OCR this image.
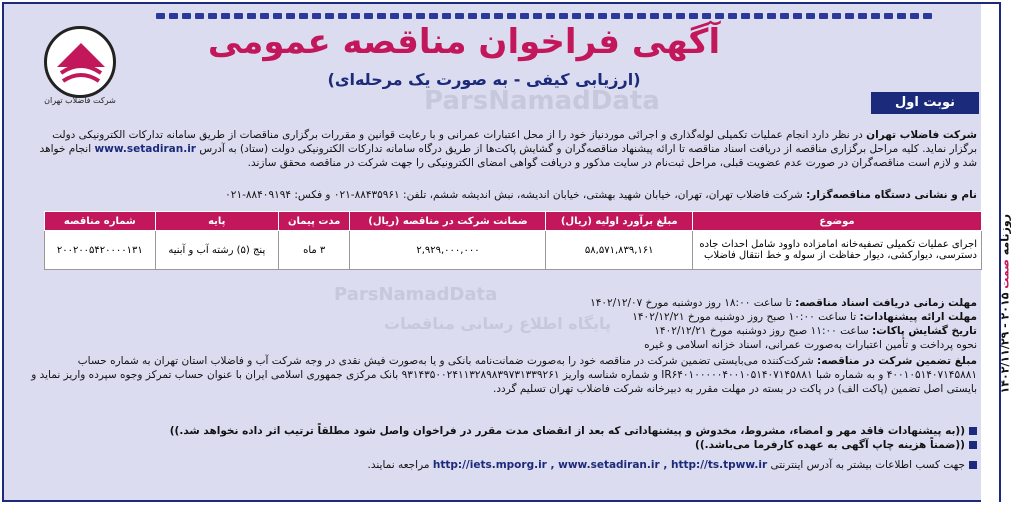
روزنامه صمت ۲۰۱۵ - ۱۴۰۲/۱۱/۲۹
شرکت فاضلاب تهران	ParsNamadData
آگهی فراخوان مناقصه عمومی
(ارزیابی کیفی - به صورت یک مرحله‌ای)
نوبت اول
شرکت فاضلاب تهران در نظر دارد انجام عملیات تکمیلی لوله‌گذاری و اجرائی موردنیاز خود را از محل اعتبارات عمرانی و با رعایت قوانین و مقررات برگزاری مناقصات از طریق سامانه تدارکات الکترونیکی دولت برگزار نماید. کلیه مراحل برگزاری مناقصه از دریافت اسناد مناقصه تا ارائه پیشنهاد مناقصه‌گران و گشایش پاکت‌ها از طریق درگاه سامانه تدارکات الکترونیکی دولت (ستاد) به آدرس www.setadiran.ir انجام خواهد شد و لازم است مناقصه‌گران در صورت عدم عضویت قبلی، مراحل ثبت‌نام در سایت مذکور و دریافت گواهی امضای الکترونیکی را جهت شرکت در مناقصه محقق سازند.
نام و نشانی دستگاه مناقصه‌گزار: شرکت فاضلاب تهران، تهران، خیابان شهید بهشتی، خیابان اندیشه، نبش اندیشه ششم، تلفن: ۸۸۴۳۵۹۶۱-۰۲۱ و فکس: ۸۸۴۰۹۱۹۴-۰۲۱
موضوع	مبلغ برآورد اولیه (ریال)	ضمانت شرکت در مناقصه (ریال)	مدت پیمان	پایه	شماره مناقصه
اجرای عملیات تکمیلی تصفیه‌خانه امامزاده داوود شامل احداث جاده دسترسی، دیوارکشی، دیوار حفاظت از سوله و خط انتقال فاضلاب	۵۸,۵۷۱,۸۳۹,۱۶۱	۲,۹۲۹,۰۰۰,۰۰۰	۳ ماه	پنج (۵) رشته آب و آبنیه	۲۰۰۲۰۰۵۴۲۰۰۰۰۱۳۱
ParsNamadData
پایگاه اطلاع رسانی مناقصات
مهلت زمانی دریافت اسناد مناقصه: تا ساعت ۱۸:۰۰ روز دوشنبه مورخ ۱۴۰۲/۱۲/۰۷
مهلت ارائه پیشنهادات: تا ساعت ۱۰:۰۰ صبح روز دوشنبه مورخ ۱۴۰۲/۱۲/۲۱
تاریخ گشایش پاکات: ساعت ۱۱:۰۰ صبح روز دوشنبه مورخ ۱۴۰۲/۱۲/۲۱
نحوه پرداخت و تأمین اعتبارات به‌صورت عمرانی، اسناد خزانه اسلامی و غیره
مبلغ تضمین شرکت در مناقصه: شرکت‌کننده می‌بایستی تضمین شرکت در مناقصه خود را به‌صورت ضمانت‌نامه بانکی و یا به‌صورت فیش نقدی در وجه شرکت آب و فاضلاب استان تهران به شماره حساب ۴۰۰۱۰۵۱۴۰۷۱۴۵۸۸۱ و به شماره شبا IR۶۴۰۱۰۰۰۰۰۴۰۰۱۰۵۱۴۰۷۱۴۵۸۸۱ و شماره شناسه واریز ۹۳۱۴۳۵۰۰۲۴۱۱۳۲۸۹۸۳۹۷۳۱۳۳۹۲۶۱ بانک مرکزی جمهوری اسلامی ایران با عنوان حساب تمرکز وجوه سپرده واریز نماید و بایستی اصل تضمین (پاکت الف) در پاکت در بسته در مهلت مقرر به دبیرخانه شرکت فاضلاب تهران تسلیم گردد.
((به پیشنهادات فاقد مهر و امضاء، مشروط، مخدوش و پیشنهاداتی که بعد از انقضای مدت مقرر در فراخوان واصل شود مطلقاً ترتیب اثر داده نخواهد شد.))
((ضمناً هزینه چاپ آگهی به عهده کارفرما می‌باشد.))
جهت کسب اطلاعات بیشتر به آدرس اینترنتی http://iets.mporg.ir , www.setadiran.ir , http://ts.tpww.ir مراجعه نمایند.
